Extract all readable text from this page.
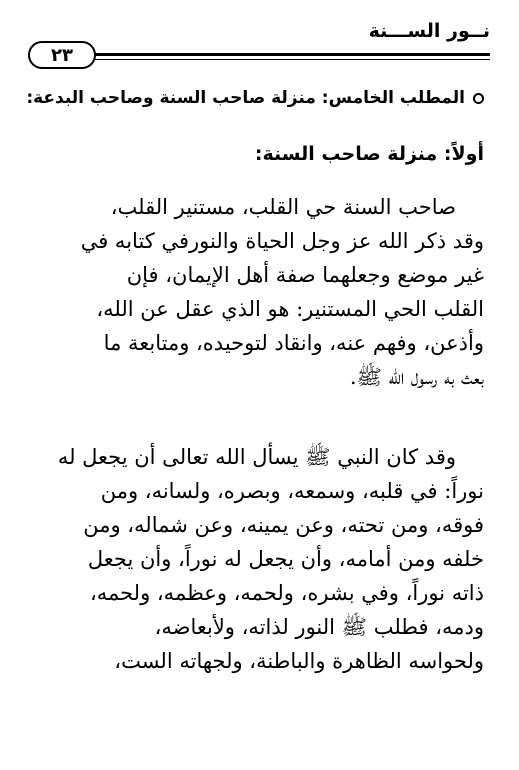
نــور الســـنة
٢٣
المطلب الخامس: منزلة صاحب السنة وصاحب البدعة:
أولاً: منزلة صاحب السنة:
صاحب السنة حي القلب، مستنير القلب،
وقد ذكر الله عز وجل الحياة والنورفي كتابه في
غير موضع وجعلهما صفة أهل الإيمان، فإن
القلب الحي المستنير: هو الذي عقل عن الله،
وأذعن، وفهم عنه، وانقاد لتوحيده، ومتابعة ما
بعث به رسول الله ﷺ.
وقد كان النبي ﷺ يسأل الله تعالى أن يجعل له
نوراً: في قلبه، وسمعه، وبصره، ولسانه، ومن
فوقه، ومن تحته، وعن يمينه، وعن شماله، ومن
خلفه ومن أمامه، وأن يجعل له نوراً، وأن يجعل
ذاته نوراً، وفي بشره، ولحمه، وعظمه، ولحمه،
ودمه، فطلب ﷺ النور لذاته، ولأبعاضه،
ولحواسه الظاهرة والباطنة، ولجهاته الست،
